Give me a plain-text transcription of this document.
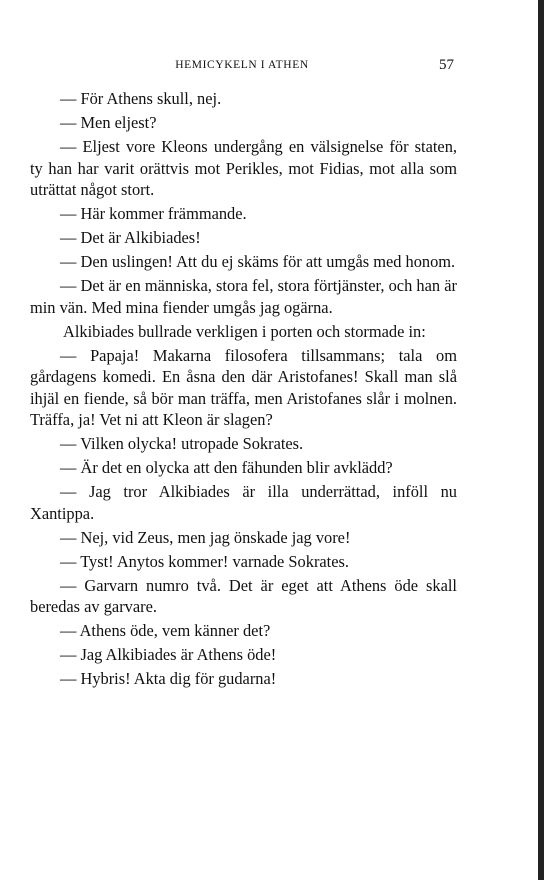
HEMICYKELN I ATHEN	57

— För Athens skull, nej.

— Men eljest?

— Eljest vore Kleons undergång en välsignelse för staten, ty han har varit orättvis mot Perikles, mot Fidias, mot alla som uträttat något stort.

— Här kommer främmande.

— Det är Alkibiades!

— Den uslingen! Att du ej skäms för att umgås med honom.

— Det är en människa, stora fel, stora förtjänster, och han är min vän. Med mina fiender umgås jag ogärna.

Alkibiades bullrade verkligen i porten och stormade in:

— Papaja! Makarna filosofera tillsammans; tala om gårdagens komedi. En åsna den där Aristofanes! Skall man slå ihjäl en fiende, så bör man träffa, men Aristofanes slår i molnen. Träffa, ja! Vet ni att Kleon är slagen?

— Vilken olycka! utropade Sokrates.

— Är det en olycka att den fähunden blir avklädd?

— Jag tror Alkibiades är illa underrättad, inföll nu Xantippa.

— Nej, vid Zeus, men jag önskade jag vore!

— Tyst! Anytos kommer! varnade Sokrates.

— Garvarn numro två. Det är eget att Athens öde skall beredas av garvare.

— Athens öde, vem känner det?

— Jag Alkibiades är Athens öde!

— Hybris! Akta dig för gudarna!
